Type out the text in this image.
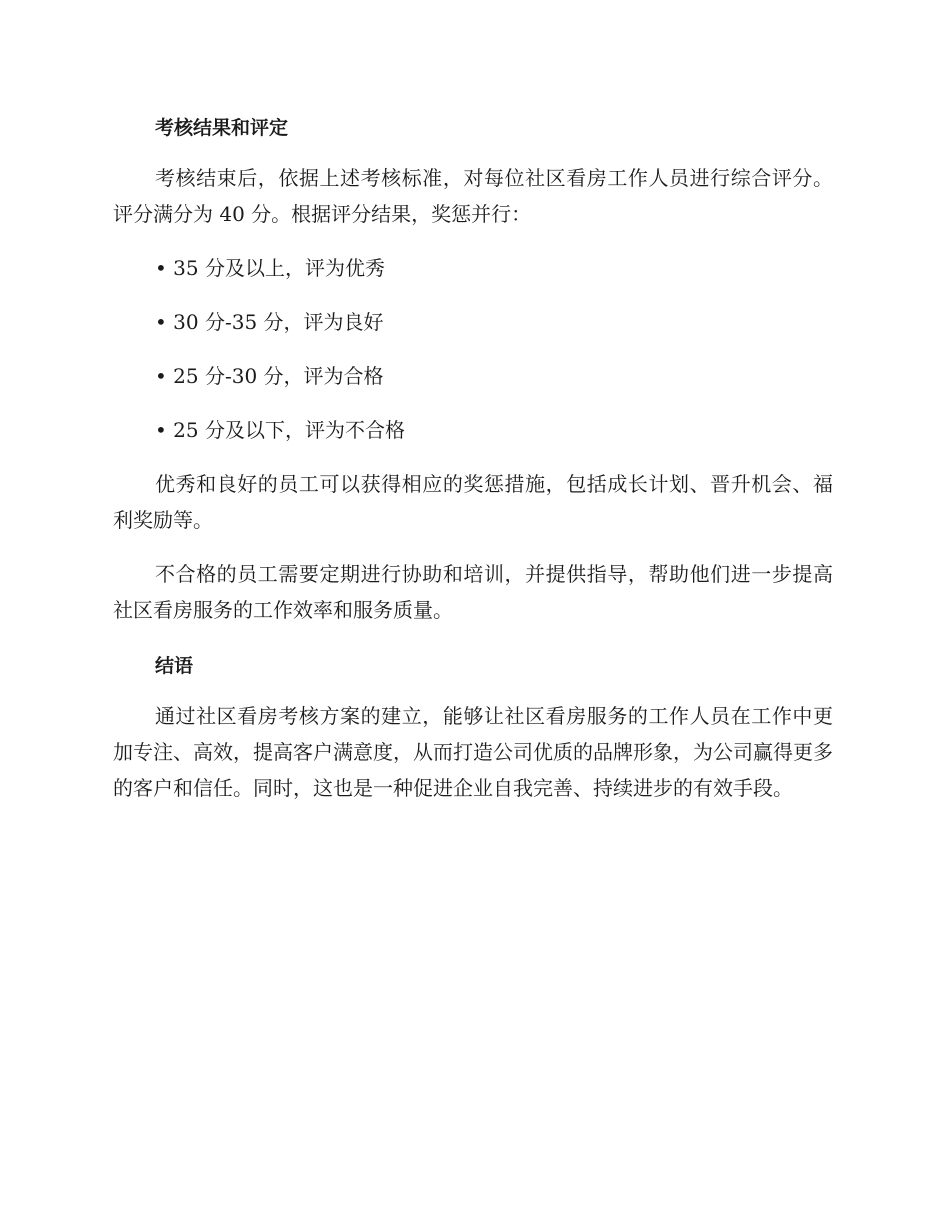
考核结果和评定

考核结束后，依据上述考核标准，对每位社区看房工作人员进行综合评分。评分满分为 40 分。根据评分结果，奖惩并行：

• 35 分及以上，评为优秀

• 30 分-35 分，评为良好

• 25 分-30 分，评为合格

• 25 分及以下，评为不合格

优秀和良好的员工可以获得相应的奖惩措施，包括成长计划、晋升机会、福利奖励等。

不合格的员工需要定期进行协助和培训，并提供指导，帮助他们进一步提高社区看房服务的工作效率和服务质量。

结语

通过社区看房考核方案的建立，能够让社区看房服务的工作人员在工作中更加专注、高效，提高客户满意度，从而打造公司优质的品牌形象，为公司赢得更多的客户和信任。同时，这也是一种促进企业自我完善、持续进步的有效手段。
